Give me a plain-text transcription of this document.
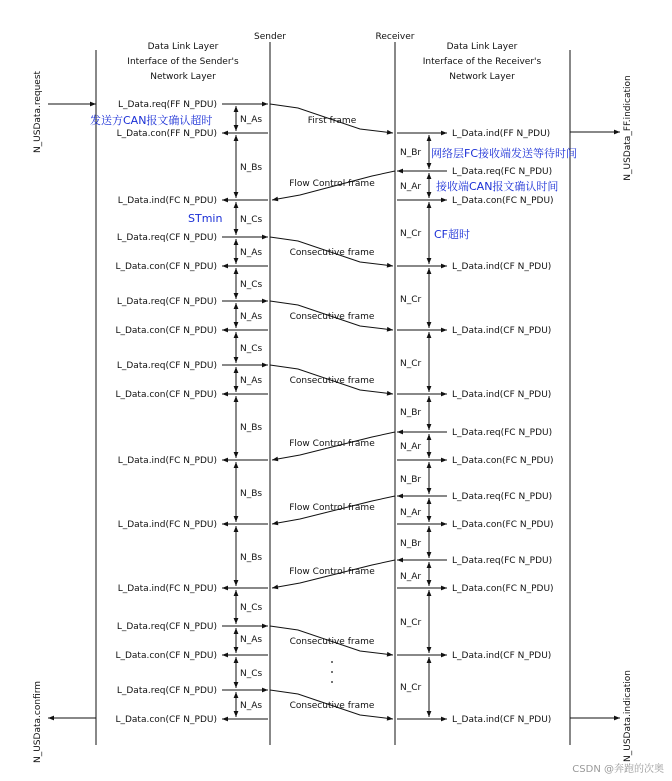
Sender	Receiver
Data Link Layer
Interface of the Sender's
Network Layer
Data Link Layer
Interface of the Receiver's
Network Layer
N_USData.request
N_USData.confirm
N_USData_FF.indication
N_USData.indication
L_Data.req(FF N_PDU)
L_Data.con(FF N_PDU)
L_Data.ind(FC N_PDU)
L_Data.req(CF N_PDU)
L_Data.con(CF N_PDU)
L_Data.req(CF N_PDU)
L_Data.con(CF N_PDU)
L_Data.req(CF N_PDU)
L_Data.con(CF N_PDU)
L_Data.ind(FC N_PDU)
L_Data.ind(FC N_PDU)
L_Data.ind(FC N_PDU)
L_Data.req(CF N_PDU)
L_Data.con(CF N_PDU)
L_Data.req(CF N_PDU)
L_Data.con(CF N_PDU)
L_Data.ind(FF N_PDU)
L_Data.req(FC N_PDU)
L_Data.con(FC N_PDU)
L_Data.ind(CF N_PDU)
L_Data.ind(CF N_PDU)
L_Data.ind(CF N_PDU)
L_Data.req(FC N_PDU)
L_Data.con(FC N_PDU)
L_Data.req(FC N_PDU)
L_Data.con(FC N_PDU)
L_Data.req(FC N_PDU)
L_Data.con(FC N_PDU)
L_Data.ind(CF N_PDU)
L_Data.ind(CF N_PDU)
First frame
Flow Control frame
Consecutive frame
Consecutive frame
Consecutive frame
Flow Control frame
Flow Control frame
Flow Control frame
Consecutive frame
Consecutive frame
N_As
N_Bs
N_Cs
N_As
N_Cs
N_As
N_Cs
N_As
N_Bs
N_Bs
N_Bs
N_Cs
N_As
N_Cs
N_As
N_Br
N_Ar
N_Cr
N_Cr
N_Cr
N_Br
N_Ar
N_Br
N_Ar
N_Br
N_Ar
N_Cr
N_Cr
发送方CAN报文确认超时
网络层FC接收端发送等待时间
接收端CAN报文确认时间
STmin
CF超时
CSDN @奔跑的次奥
